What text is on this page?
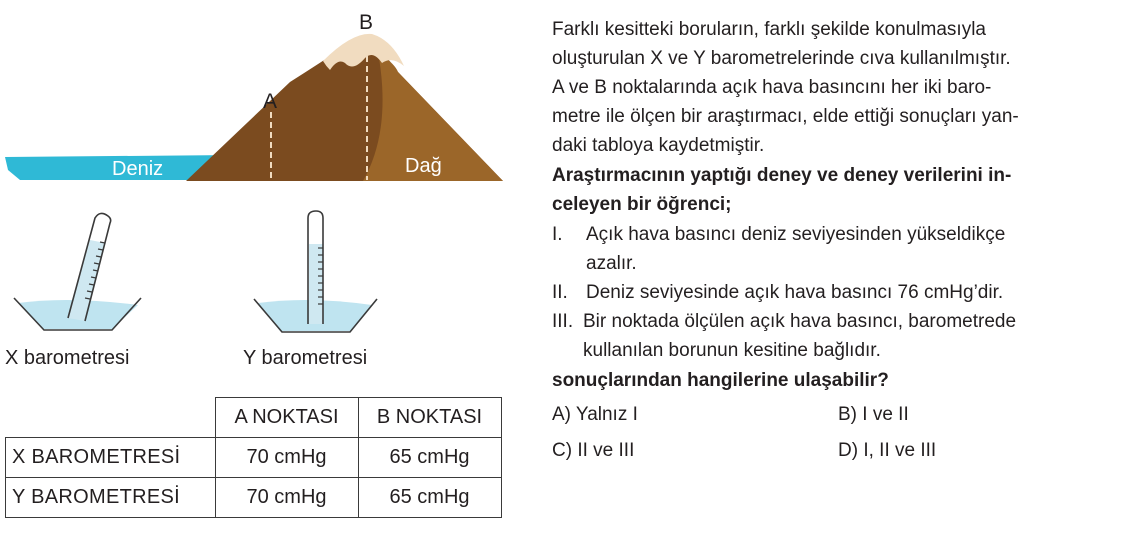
A
B
Deniz	Dağ
X barometresi	Y barometresi
	A NOKTASI	B NOKTASI
X BAROMETRESİ	70 cmHg	65 cmHg
Y BAROMETRESİ	70 cmHg	65 cmHg

Farklı kesitteki boruların, farklı şekilde konulmasıyla
oluşturulan X ve Y barometrelerinde cıva kullanılmıştır.
A ve B noktalarında açık hava basıncını her iki baro-
metre ile ölçen bir araştırmacı, elde ettiği sonuçları yan-
daki tabloya kaydetmiştir.

Araştırmacının yaptığı deney ve deney verilerini in-
celeyen bir öğrenci;

I.	Açık hava basıncı deniz seviyesinden yükseldikçe
azalır.
II. Deniz seviyesinde açık hava basıncı 76 cmHg’dir.
III. Bir noktada ölçülen açık hava basıncı, barometrede
kullanılan borunun kesitine bağlıdır.

sonuçlarından hangilerine ulaşabilir?

A) Yalnız I	B) I ve II
C) II ve III	D) I, II ve III
